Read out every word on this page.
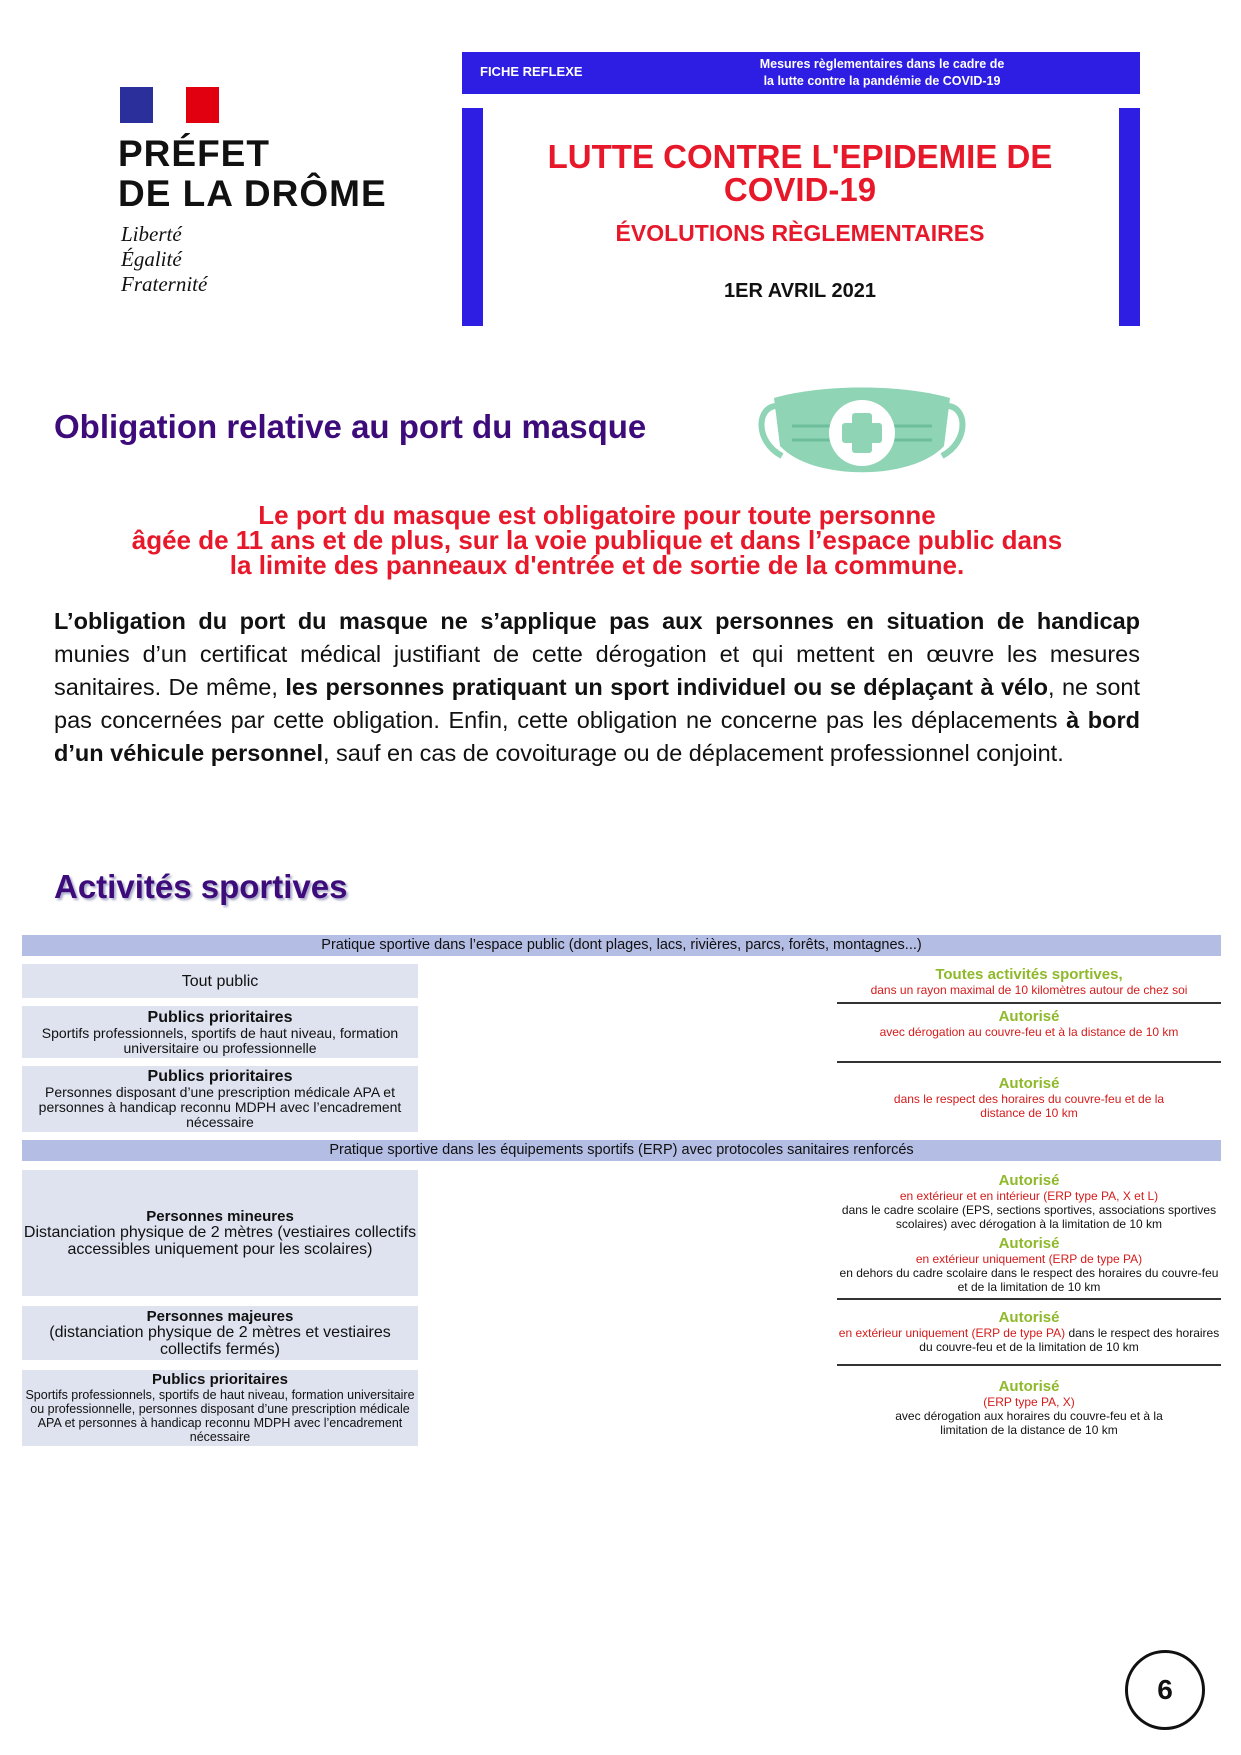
PRÉFET
DE LA DRÔME
Liberté
Égalité
Fraternité
FICHE REFLEXE	Mesures règlementaires dans le cadre de
la lutte contre la pandémie de COVID-19
LUTTE CONTRE L'EPIDEMIE DE
COVID-19
ÉVOLUTIONS RÈGLEMENTAIRES
1ER AVRIL 2021
Obligation relative au port du masque
Le port du masque est obligatoire pour toute personne
âgée de 11 ans et de plus, sur la voie publique et dans l’espace public dans
la limite des panneaux d'entrée et de sortie de la commune.
L’obligation du port du masque ne s’applique pas aux personnes en situation de handicap munies d’un certificat médical justifiant de cette dérogation et qui mettent en œuvre les mesures sanitaires. De même, les personnes pratiquant un sport individuel ou se déplaçant à vélo, ne sont pas concernées par cette obligation. Enfin, cette obligation ne concerne pas les déplacements à bord d’un véhicule personnel, sauf en cas de covoiturage ou de déplacement professionnel conjoint.
Activités sportives
Pratique sportive dans l’espace public (dont plages, lacs, rivières, parcs, forêts, montagnes...)
Tout public	Toutes activités sportives,
dans un rayon maximal de 10 kilomètres autour de chez soi
Publics prioritaires
Sportifs professionnels, sportifs de haut niveau, formation universitaire ou professionnelle
Autorisé
avec dérogation au couvre-feu et à la distance de 10 km
Publics prioritaires
Personnes disposant d’une prescription médicale APA et personnes à handicap reconnu MDPH avec l’encadrement nécessaire
Autorisé
dans le respect des horaires du couvre-feu et de la distance de 10 km
Pratique sportive dans les équipements sportifs (ERP) avec protocoles sanitaires renforcés
Personnes mineures
Distanciation physique de 2 mètres (vestiaires collectifs accessibles uniquement pour les scolaires)
Autorisé
en extérieur et en intérieur (ERP type PA, X et L)
dans le cadre scolaire (EPS, sections sportives, associations sportives scolaires) avec dérogation à la limitation de 10 km
Autorisé
en extérieur uniquement (ERP de type PA)
en dehors du cadre scolaire dans le respect des horaires du couvre-feu et de la limitation de 10 km
Personnes majeures
(distanciation physique de 2 mètres et vestiaires collectifs fermés)
Autorisé
en extérieur uniquement (ERP de type PA) dans le respect des horaires du couvre-feu et de la limitation de 10 km
Publics prioritaires
Sportifs professionnels, sportifs de haut niveau, formation universitaire ou professionnelle, personnes disposant d’une prescription médicale APA et personnes à handicap reconnu MDPH avec l’encadrement nécessaire
Autorisé
(ERP type PA, X)
avec dérogation aux horaires du couvre-feu et à la limitation de la distance de 10 km
6
